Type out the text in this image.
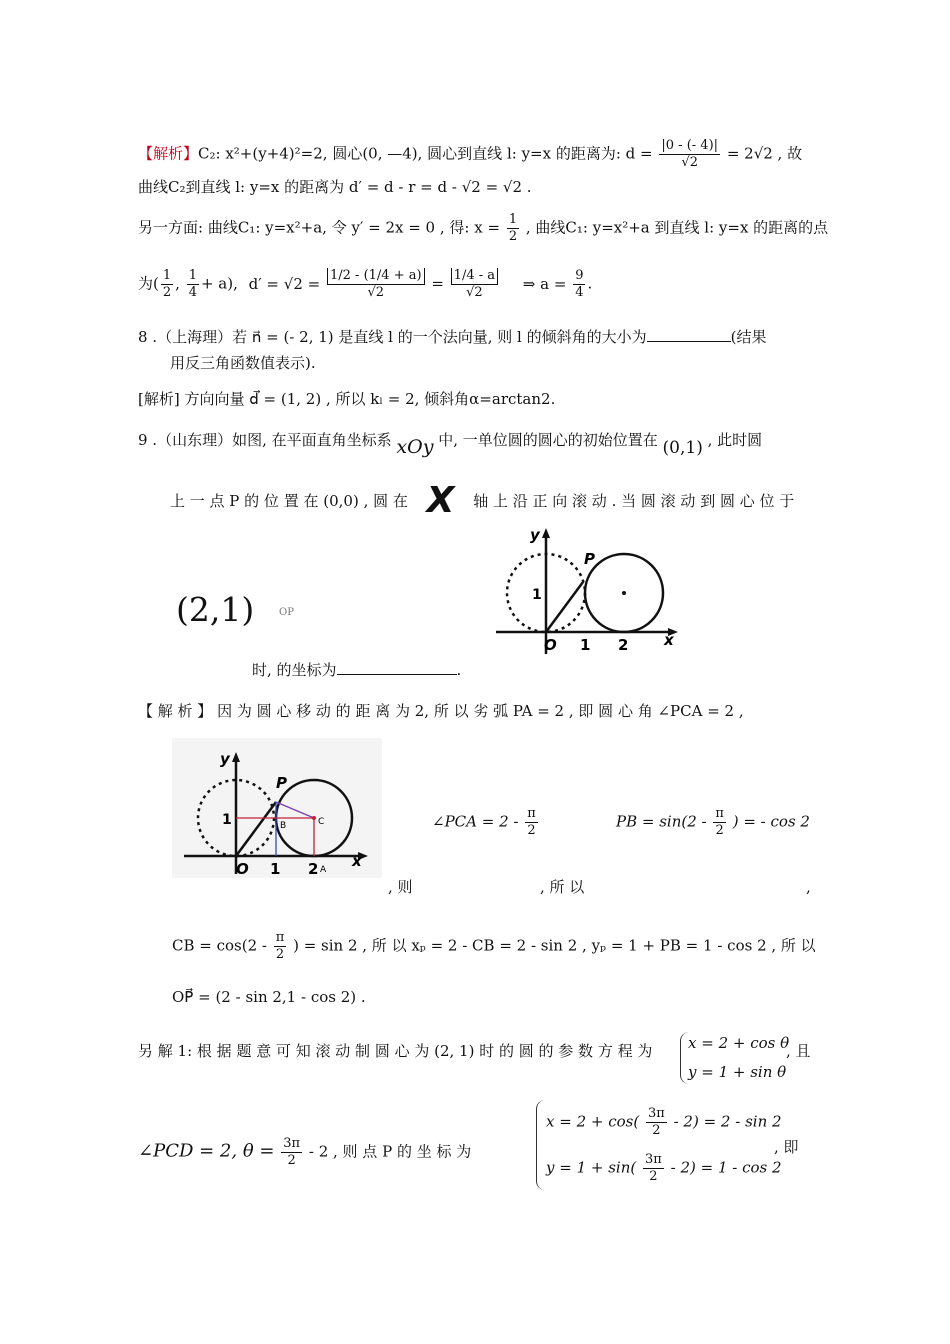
【解析】C₂: x²+(y+4)²=2, 圆心(0, —4), 圆心到直线 l: y=x 的距离为: $d = \frac{|0 - (- 4)|}{√2} = 2√2$ , 故
曲线C₂到直线 l: y=x 的距离为 d′ = d - r = d - √2 = √2 .
另一方面: 曲线C₁: y=x²+a, 令 y′ = 2x = 0 , 得: $x = \frac{1}{2}$ , 曲线C₁: y=x²+a 到直线 l: y=x 的距离的点
为( $\frac{1}{2}$ , $\frac{1}{4} + a$), $d' = √2 = \frac{1/2 - (1/4 + a)}{√2} = \frac{1/4 - a}{√2}$ ⇒ $a = \frac{9}{4}$ .
8 .（上海理）若 n⃗ = (- 2, 1) 是直线 l 的一个法向量, 则 l 的倾斜角的大小为	(结果
用反三角函数值表示).
[解析] 方向向量 d⃗ = (1, 2) , 所以 kₗ = 2, 倾斜角α=arctan2.
9 .（山东理）如图, 在平面直角坐标系 xOy 中, 一单位圆的圆心的初始位置在 (0,1) , 此时圆
上 一 点 P 的 位 置 在 (0,0) , 圆 在 X 轴 上 沿 正 向 滚 动 . 当 圆 滚 动 到 圆 心 位 于
(2,1) OP
时, 的坐标为	.
y
P
1
O 1 2 x
【 解 析 】 因 为 圆 心 移 动 的 距 离 为 2, 所 以 劣 弧 PA = 2 , 即 圆 心 角 ∠PCA = 2 ,
y
P
1	B	C
O 1 2 A x
∠PCA = $2 - \frac{\pi}{2}$	PB = $\sin(2 - \frac{\pi}{2}$ ) = - cos 2
, 则	, 所 以	,
CB = $\cos(2 - \frac{\pi}{2}$ ) = sin 2 , 所 以 xₚ = 2 - CB = 2 - sin 2 , yₚ = 1 + PB = 1 - cos 2 , 所 以
OP⃗ = (2 - sin 2,1 - cos 2) .
另 解 1: 根 据 题 意 可 知 滚 动 制 圆 心 为 (2, 1) 时 的 圆 的 参 数 方 程 为 x = 2 + cos θ
y = 1 + sin θ
, 且
∠PCD = 2, $\theta = \frac{3\pi}{2} - 2$ , 则 点 P 的 坐 标 为
$x = 2 + \cos( \frac{3\pi}{2} - 2) = 2 - \sin 2$
$y = 1 + \sin( \frac{3\pi}{2} - 2) = 1 - \cos 2$
, 即
